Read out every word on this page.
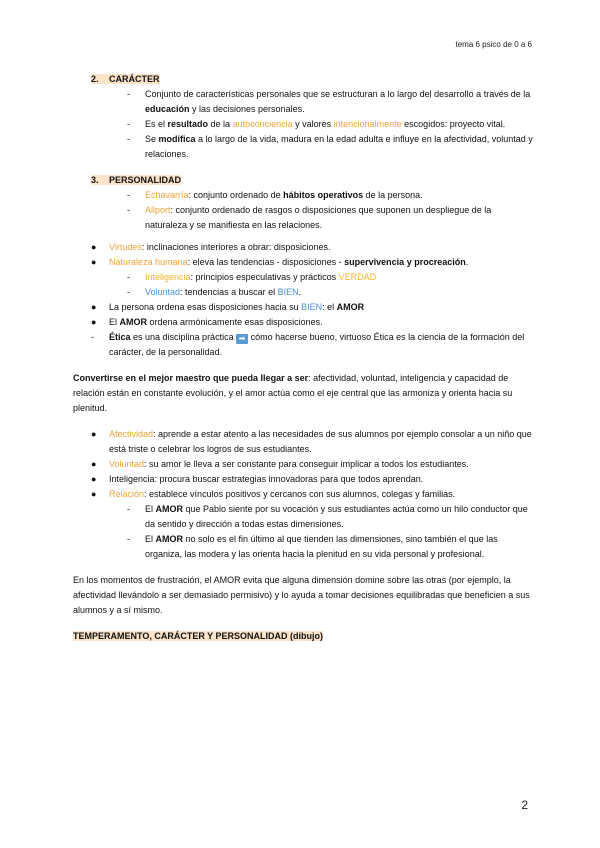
tema 6 psico de 0 a 6
2. CARÁCTER
- Conjunto de características personales que se estructuran a lo largo del desarrollo a través de la educación y las decisiones personales.
- Es el resultado de la autoconciencia y valores intencionalmente escogidos: proyecto vital.
- Se modifica a lo largo de la vida, madura en la edad adulta e influye en la afectividad, voluntad y relaciones.
3. PERSONALIDAD
- Echavarría: conjunto ordenado de hábitos operativos de la persona.
- Allport: conjunto ordenado de rasgos o disposiciones que suponen un despliegue de la naturaleza y se manifiesta en las relaciones.
● Virtudes: inclinaciones interiores a obrar: disposiciones.
● Naturaleza humana: eleva las tendencias - disposiciones - supervivencia y procreación.
- Inteligencia: principios especulativas y prácticos VERDAD
- Voluntad: tendencias a buscar el BIEN.
● La persona ordena esas disposiciones hacia su BIEN: el AMOR
● El AMOR ordena armónicamente esas disposiciones.
- Ética es una disciplina práctica ➡ cómo hacerse bueno, virtuoso Ética es la ciencia de la formación del carácter, de la personalidad.

Convertirse en el mejor maestro que pueda llegar a ser: afectividad, voluntad, inteligencia y capacidad de relación están en constante evolución, y el amor actúa como el eje central que las armoniza y orienta hacia su plenitud.

● Afectividad: aprende a estar atento a las necesidades de sus alumnos por ejemplo consolar a un niño que está triste o celebrar los logros de sus estudiantes.
● Voluntad: su amor le lleva a ser constante para conseguir implicar a todos los estudiantes.
● Inteligencia: procura buscar estrategias innovadoras para que todos aprendan.
● Relación: establece vínculos positivos y cercanos con sus alumnos, colegas y familias.
- El AMOR que Pablo siente por su vocación y sus estudiantes actúa como un hilo conductor que da sentido y dirección a todas estas dimensiones.
- El AMOR no solo es el fin último al que tienden las dimensiones, sino también el que las organiza, las modera y las orienta hacia la plenitud en su vida personal y profesional.

En los momentos de frustración, el AMOR evita que alguna dimensión domine sobre las otras (por ejemplo, la afectividad llevándolo a ser demasiado permisivo) y lo ayuda a tomar decisiones equilibradas que beneficien a sus alumnos y a sí mismo.

TEMPERAMENTO, CARÁCTER Y PERSONALIDAD (dibujo)

2
